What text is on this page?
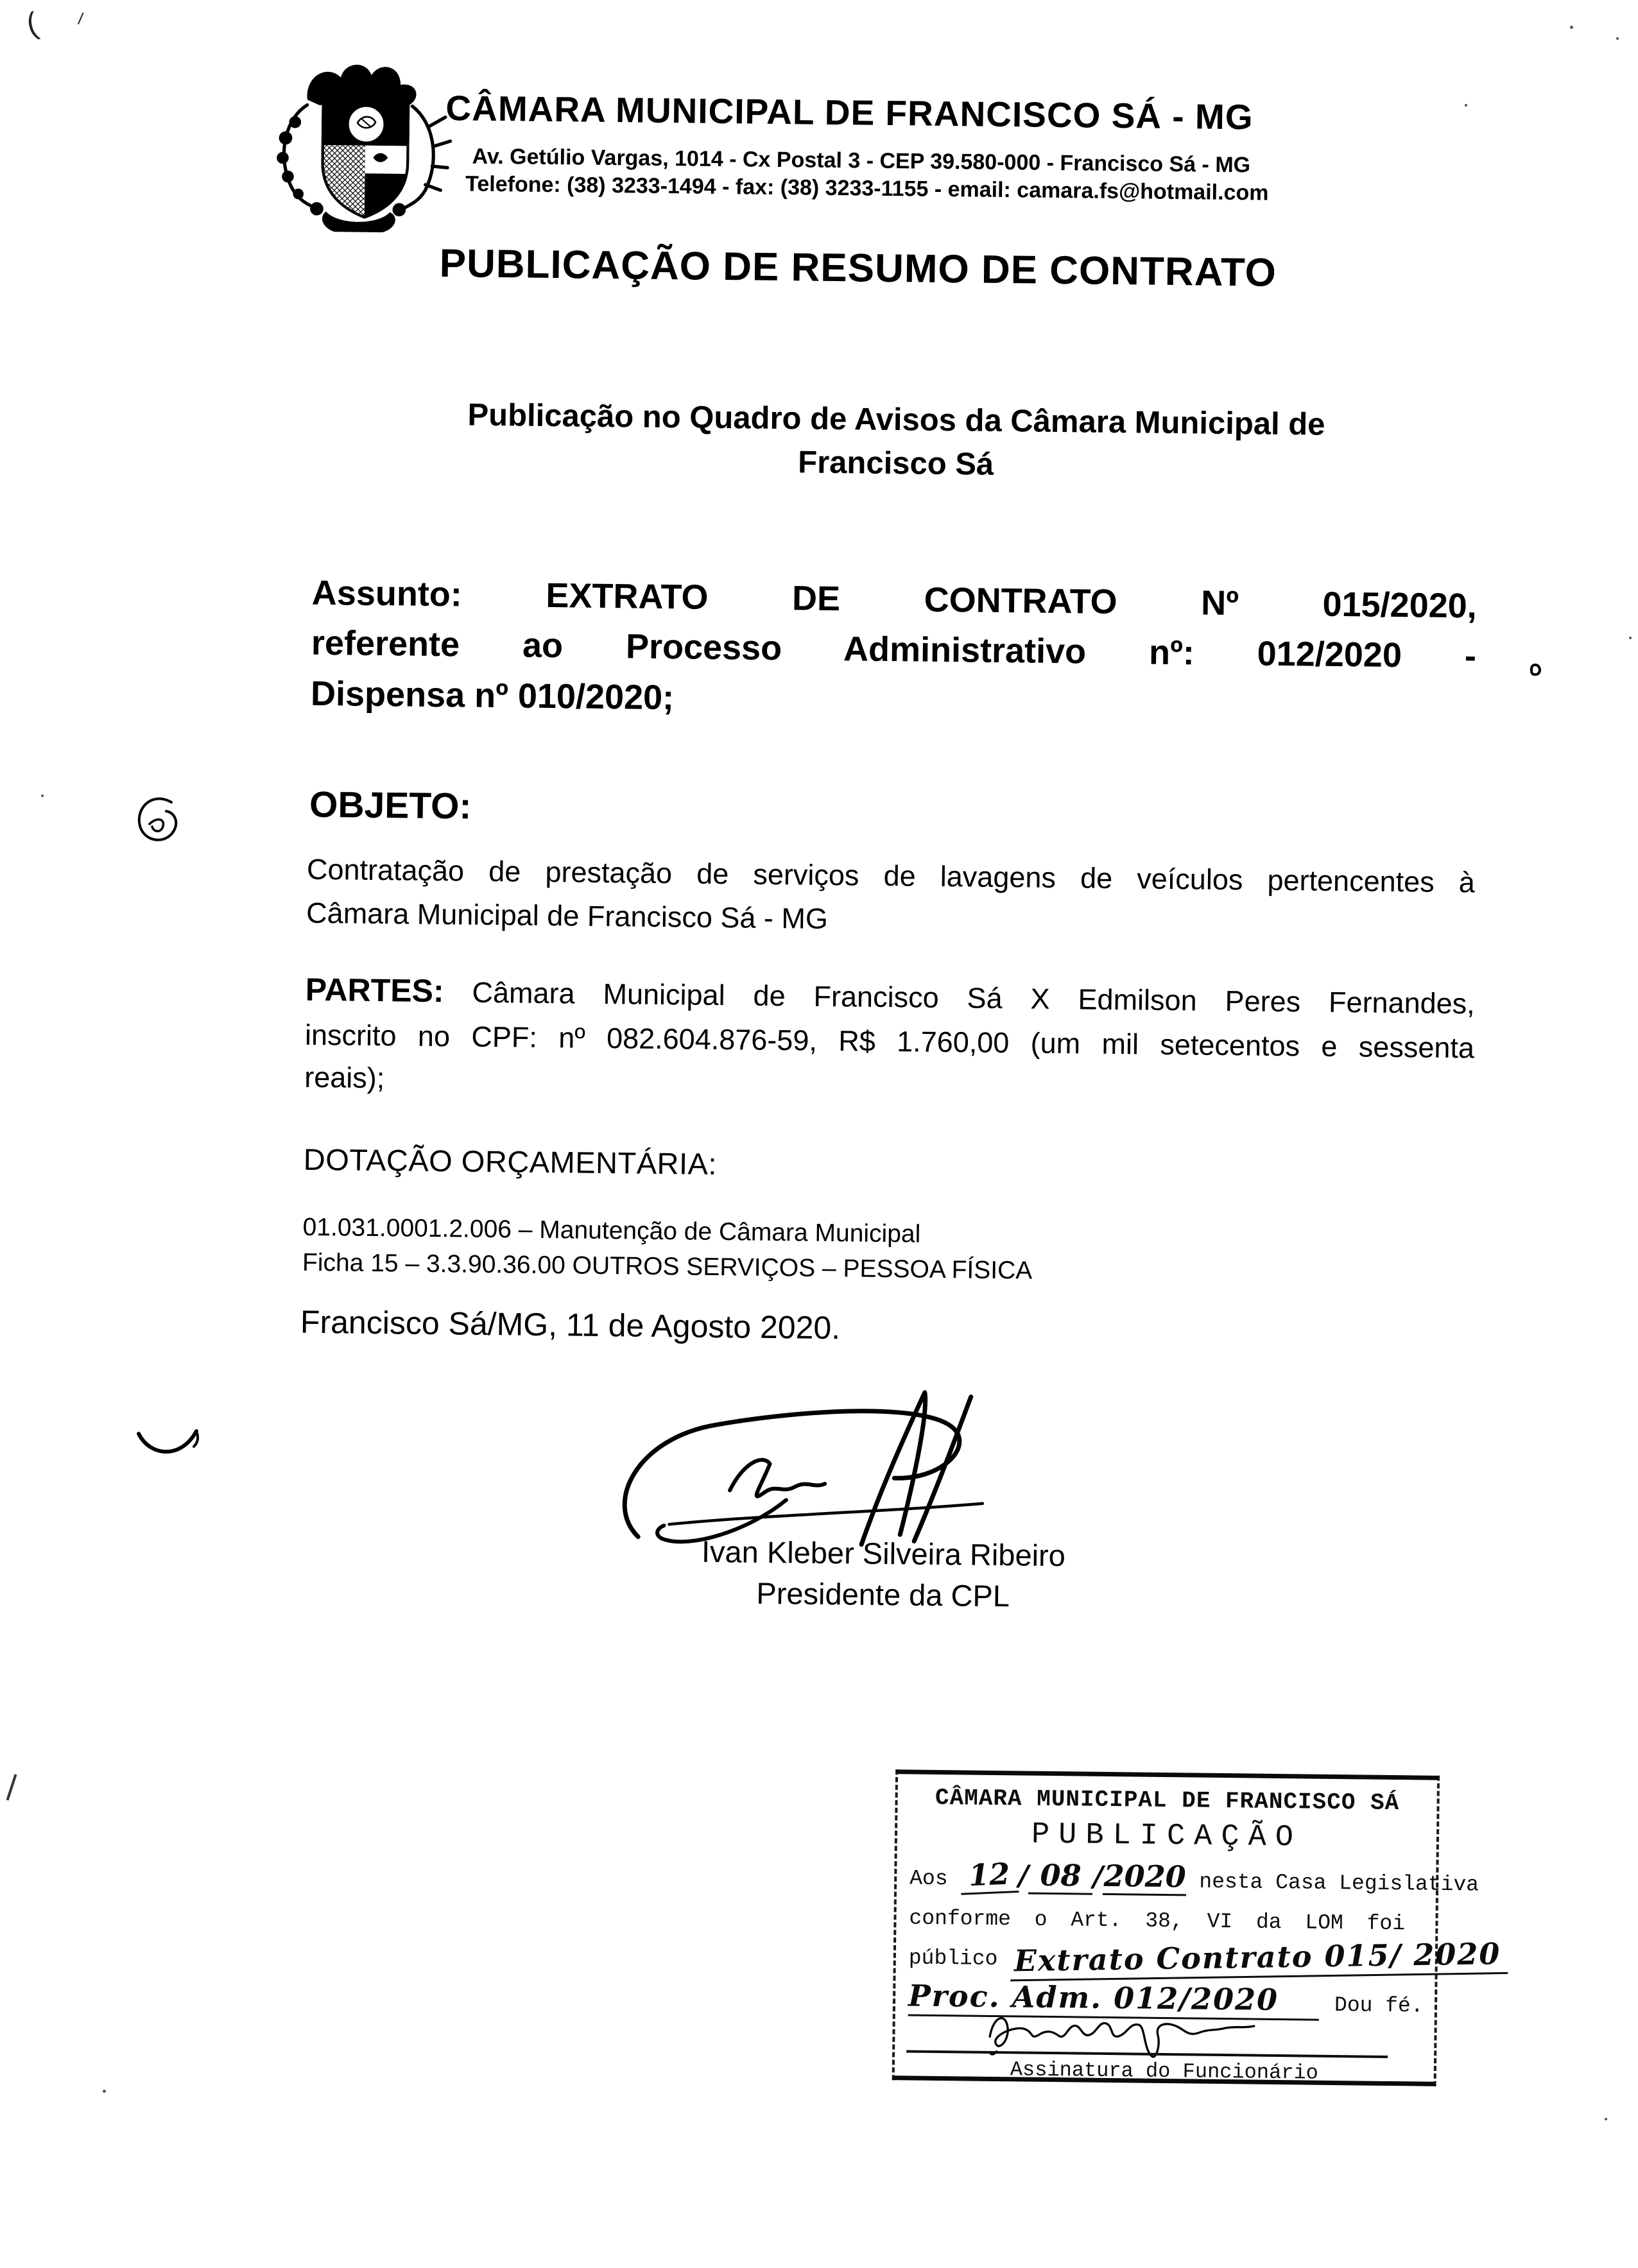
( /
CÂMARA MUNICIPAL DE FRANCISCO SÁ - MG
Av. Getúlio Vargas, 1014 - Cx Postal 3 - CEP 39.580-000 - Francisco Sá - MG
Telefone: (38) 3233-1494 - fax: (38) 3233-1155 - email: camara.fs@hotmail.com
PUBLICAÇÃO DE RESUMO DE CONTRATO
Publicação no Quadro de Avisos da Câmara Municipal de
Francisco Sá
Assunto: EXTRATO DE CONTRATO Nº 015/2020,
referente ao Processo Administrativo nº: 012/2020 -
Dispensa nº 010/2020;
OBJETO:
Contratação de prestação de serviços de lavagens de veículos pertencentes à
Câmara Municipal de Francisco Sá - MG
PARTES: Câmara Municipal de Francisco Sá X Edmilson Peres Fernandes,
inscrito no CPF: nº 082.604.876-59, R$ 1.760,00 (um mil setecentos e sessenta
reais);
DOTAÇÃO ORÇAMENTÁRIA:
01.031.0001.2.006 – Manutenção de Câmara Municipal
Ficha 15 – 3.3.90.36.00 OUTROS SERVIÇOS – PESSOA FÍSICA
Francisco Sá/MG, 11 de Agosto 2020.
Ivan Kleber Silveira Ribeiro
Presidente da CPL
CÂMARA MUNICIPAL DE FRANCISCO SÁ
PUBLICAÇÃO
Aos 12 / 08 /2020 nesta Casa Legislativa
conforme o Art. 38, VI da LOM foi
público Extrato Contrato 015/ 2020
Proc. Adm. 012/2020	Dou fé.
Assinatura do Funcionário
